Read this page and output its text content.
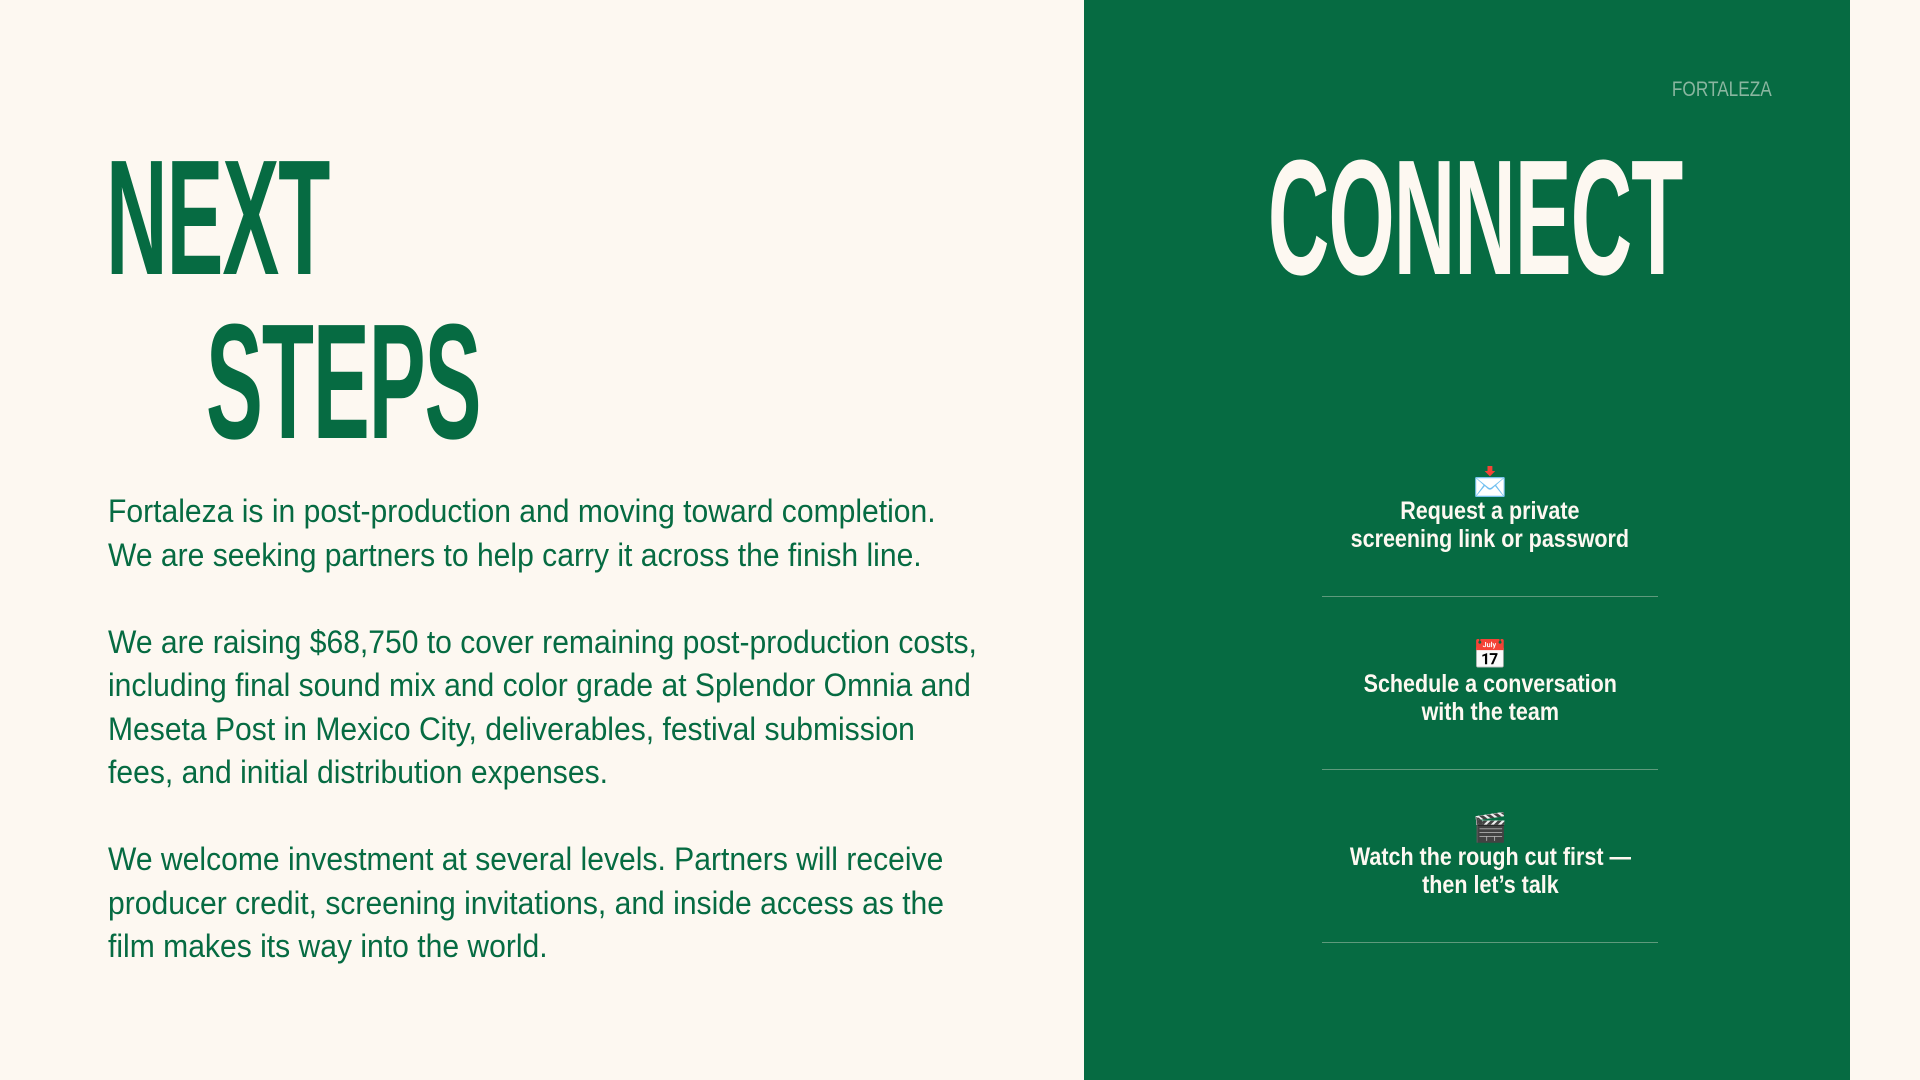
NEXT
STEPS

Fortaleza is in post-production and moving toward completion. We are seeking partners to help carry it across the finish line.

We are raising $68,750 to cover remaining post-production costs, including final sound mix and color grade at Splendor Omnia and Meseta Post in Mexico City, deliverables, festival submission fees, and initial distribution expenses.

We welcome investment at several levels. Partners will receive producer credit, screening invitations, and inside access as the film makes its way into the world.

FORTALEZA
CONNECT
📩
Request a private
screening link or password
📅
Schedule a conversation
with the team
🎬
Watch the rough cut first —
then let’s talk
